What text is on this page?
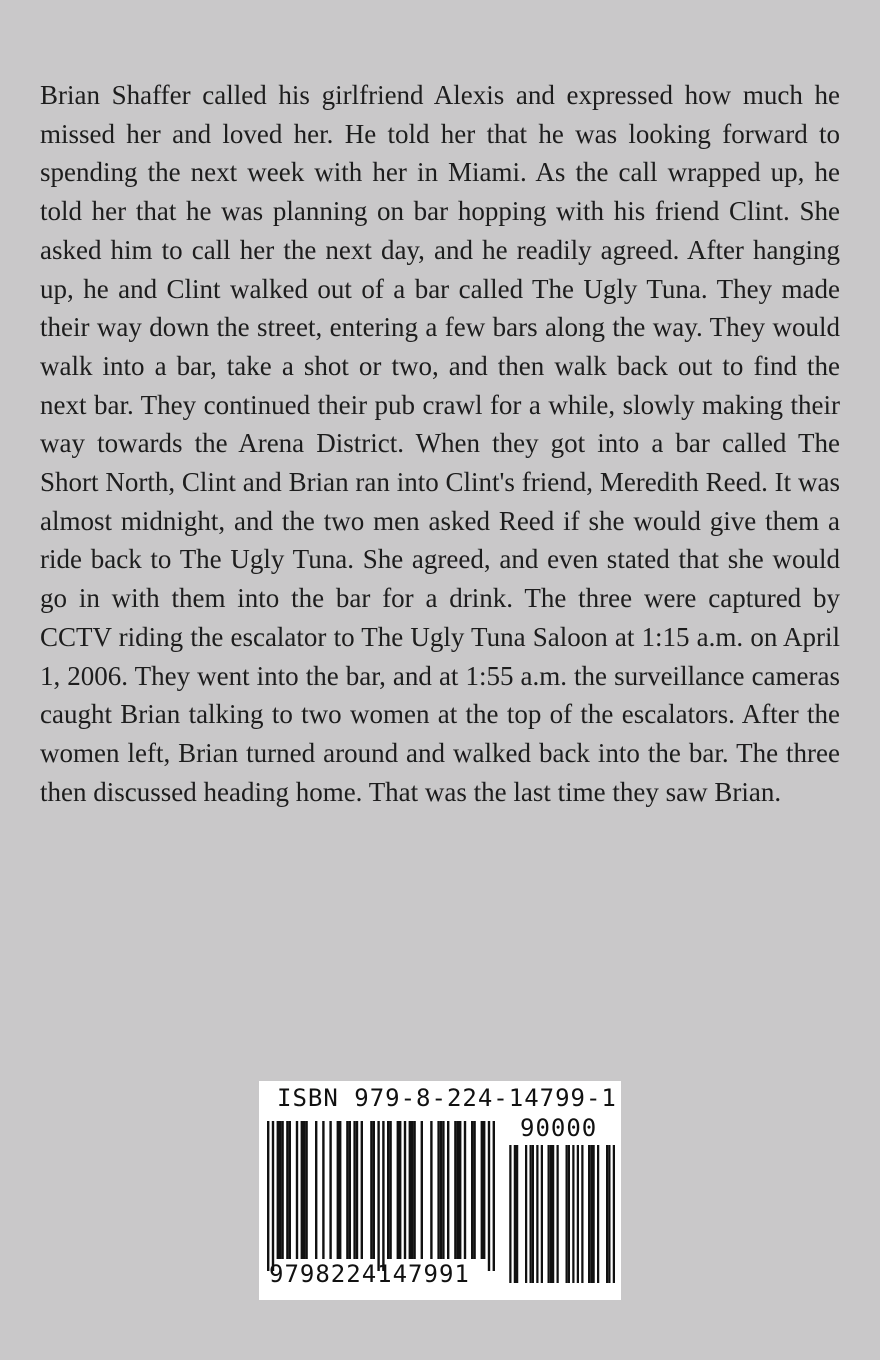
Brian Shaffer called his girlfriend Alexis and expressed how much he missed her and loved her. He told her that he was looking forward to spending the next week with her in Miami. As the call wrapped up, he told her that he was planning on bar hopping with his friend Clint. She asked him to call her the next day, and he readily agreed. After hanging up, he and Clint walked out of a bar called The Ugly Tuna. They made their way down the street, entering a few bars along the way. They would walk into a bar, take a shot or two, and then walk back out to find the next bar. They continued their pub crawl for a while, slowly making their way towards the Arena District. When they got into a bar called The Short North, Clint and Brian ran into Clint's friend, Meredith Reed. It was almost midnight, and the two men asked Reed if she would give them a ride back to The Ugly Tuna. She agreed, and even stated that she would go in with them into the bar for a drink. The three were captured by CCTV riding the escalator to The Ugly Tuna Saloon at 1:15 a.m. on April 1, 2006. They went into the bar, and at 1:55 a.m. the surveillance cameras caught Brian talking to two women at the top of the escalators. After the women left, Brian turned around and walked back into the bar. The three then discussed heading home. That was the last time they saw Brian.

ISBN 979-8-224-14799-1
90000
9798224147991
